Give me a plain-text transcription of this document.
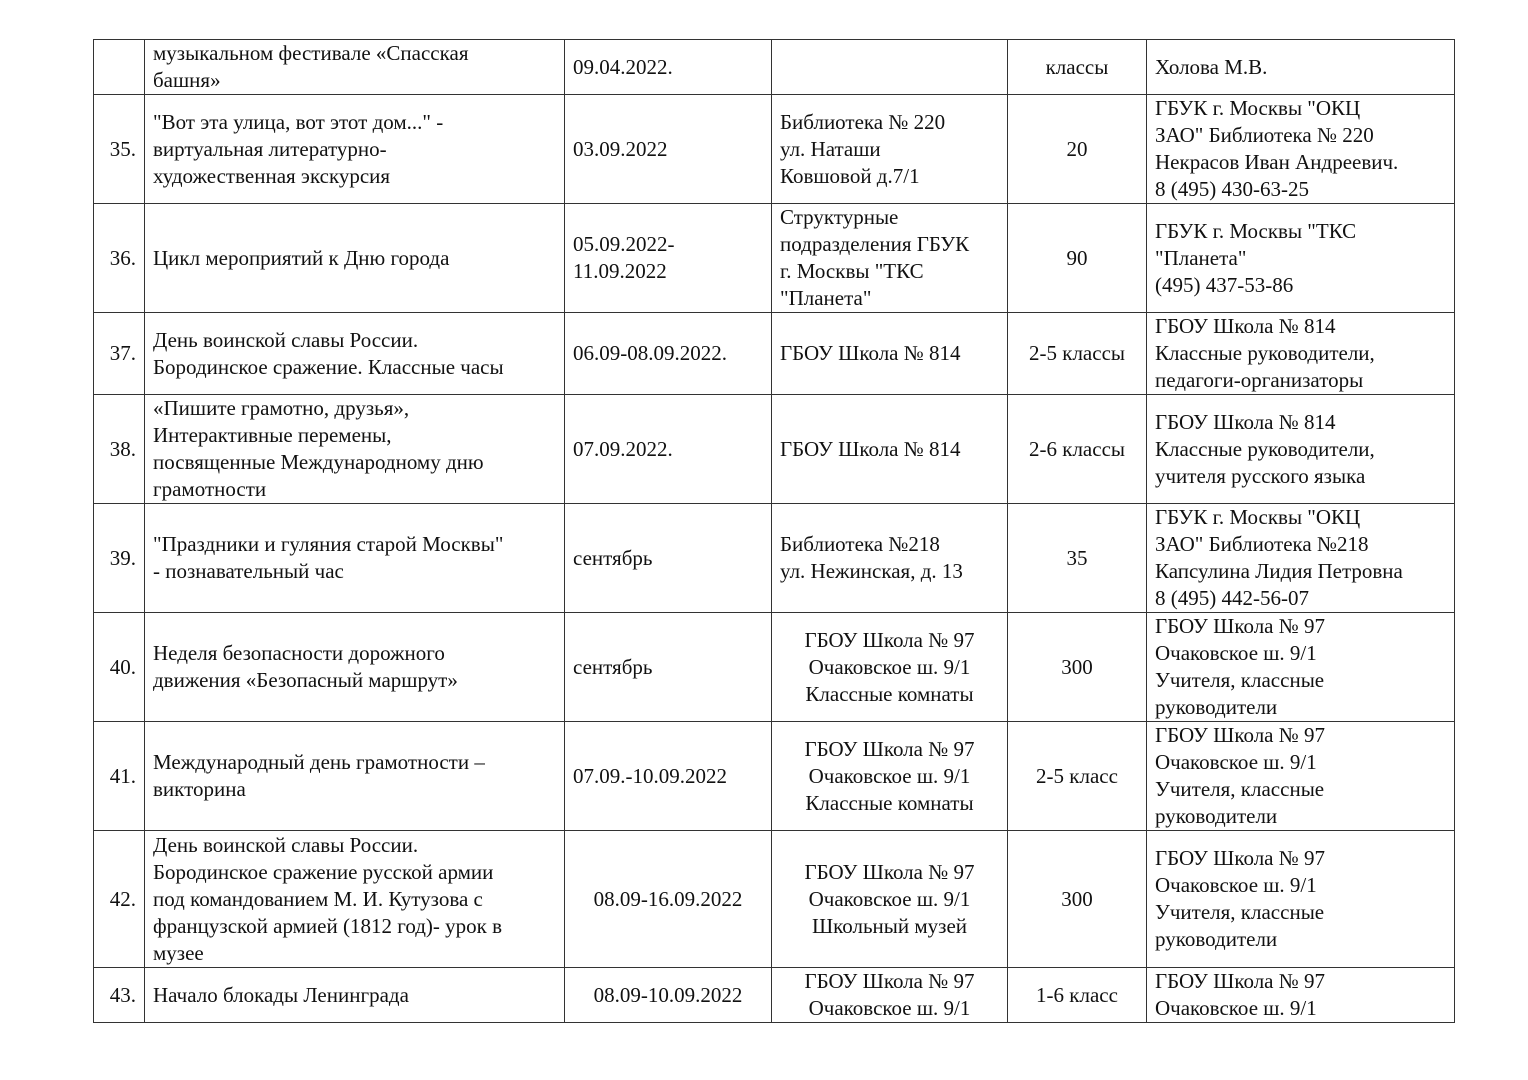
	музыкальном фестивале «Спасская
башня»	09.04.2022.		классы	Холова М.В.
35.	"Вот эта улица, вот этот дом..." -
виртуальная литературно-
художественная экскурсия	03.09.2022	Библиотека № 220
ул. Наташи
Ковшовой д.7/1	20	ГБУК г. Москвы "ОКЦ
ЗАО" Библиотека № 220
Некрасов Иван Андреевич.
8 (495) 430-63-25
36.	Цикл мероприятий к Дню города	05.09.2022-
11.09.2022	Структурные
подразделения ГБУК
г. Москвы "ТКС
"Планета"	90	ГБУК г. Москвы "ТКС
"Планета"
(495) 437-53-86
37.	День воинской славы России.
Бородинское сражение. Классные часы	06.09-08.09.2022.	ГБОУ Школа № 814	2-5 классы	ГБОУ Школа № 814
Классные руководители,
педагоги-организаторы
38.	«Пишите грамотно, друзья»,
Интерактивные перемены,
посвященные Международному дню
грамотности	07.09.2022.	ГБОУ Школа № 814	2-6 классы	ГБОУ Школа № 814
Классные руководители,
учителя русского языка
39.	"Праздники и гуляния старой Москвы"
- познавательный час	сентябрь	Библиотека №218
ул. Нежинская, д. 13	35	ГБУК г. Москвы "ОКЦ
ЗАО" Библиотека №218
Капсулина Лидия Петровна
8 (495) 442-56-07
40.	Неделя безопасности дорожного
движения «Безопасный маршрут»	сентябрь	ГБОУ Школа № 97
Очаковское ш. 9/1
Классные комнаты	300	ГБОУ Школа № 97
Очаковское ш. 9/1
Учителя, классные
руководители
41.	Международный день грамотности –
викторина	07.09.-10.09.2022	ГБОУ Школа № 97
Очаковское ш. 9/1
Классные комнаты	2-5 класс	ГБОУ Школа № 97
Очаковское ш. 9/1
Учителя, классные
руководители
42.	День воинской славы России.
Бородинское сражение русской армии
под командованием М. И. Кутузова с
французской армией (1812 год)- урок в
музее	08.09-16.09.2022	ГБОУ Школа № 97
Очаковское ш. 9/1
Школьный музей	300	ГБОУ Школа № 97
Очаковское ш. 9/1
Учителя, классные
руководители
43.	Начало блокады Ленинграда	08.09-10.09.2022	ГБОУ Школа № 97
Очаковское ш. 9/1	1-6 класс	ГБОУ Школа № 97
Очаковское ш. 9/1
